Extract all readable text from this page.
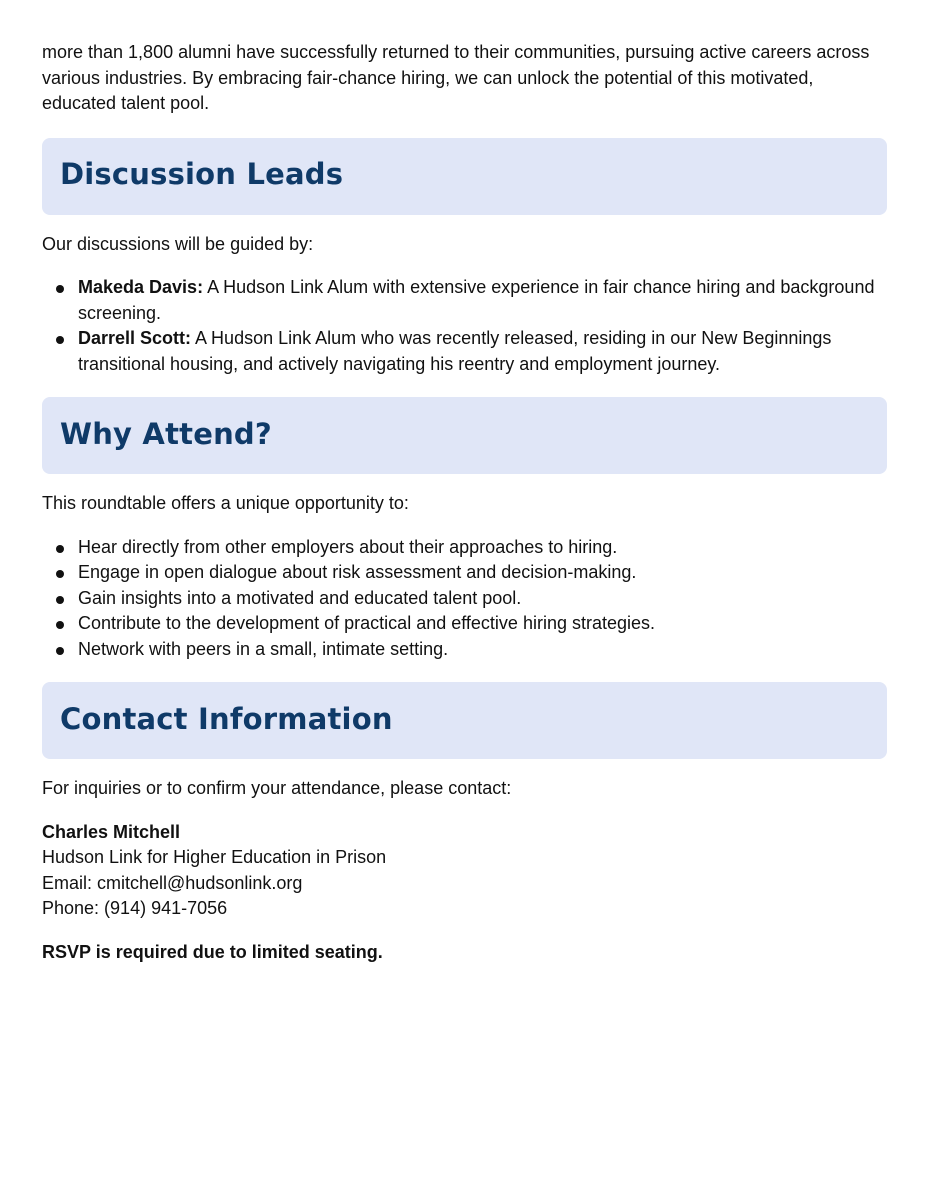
more than 1,800 alumni have successfully returned to their communities, pursuing active careers across various industries. By embracing fair-chance hiring, we can unlock the potential of this motivated, educated talent pool.

Discussion Leads

Our discussions will be guided by:

Makeda Davis: A Hudson Link Alum with extensive experience in fair chance hiring and background screening.
Darrell Scott: A Hudson Link Alum who was recently released, residing in our New Beginnings transitional housing, and actively navigating his reentry and employment journey.
Why Attend?

This roundtable offers a unique opportunity to:

Hear directly from other employers about their approaches to hiring.
Engage in open dialogue about risk assessment and decision-making.
Gain insights into a motivated and educated talent pool.
Contribute to the development of practical and effective hiring strategies.
Network with peers in a small, intimate setting.
Contact Information

For inquiries or to confirm your attendance, please contact:

Charles Mitchell

Hudson Link for Higher Education in Prison

Email: cmitchell@hudsonlink.org

Phone: (914) 941-7056

RSVP is required due to limited seating.
